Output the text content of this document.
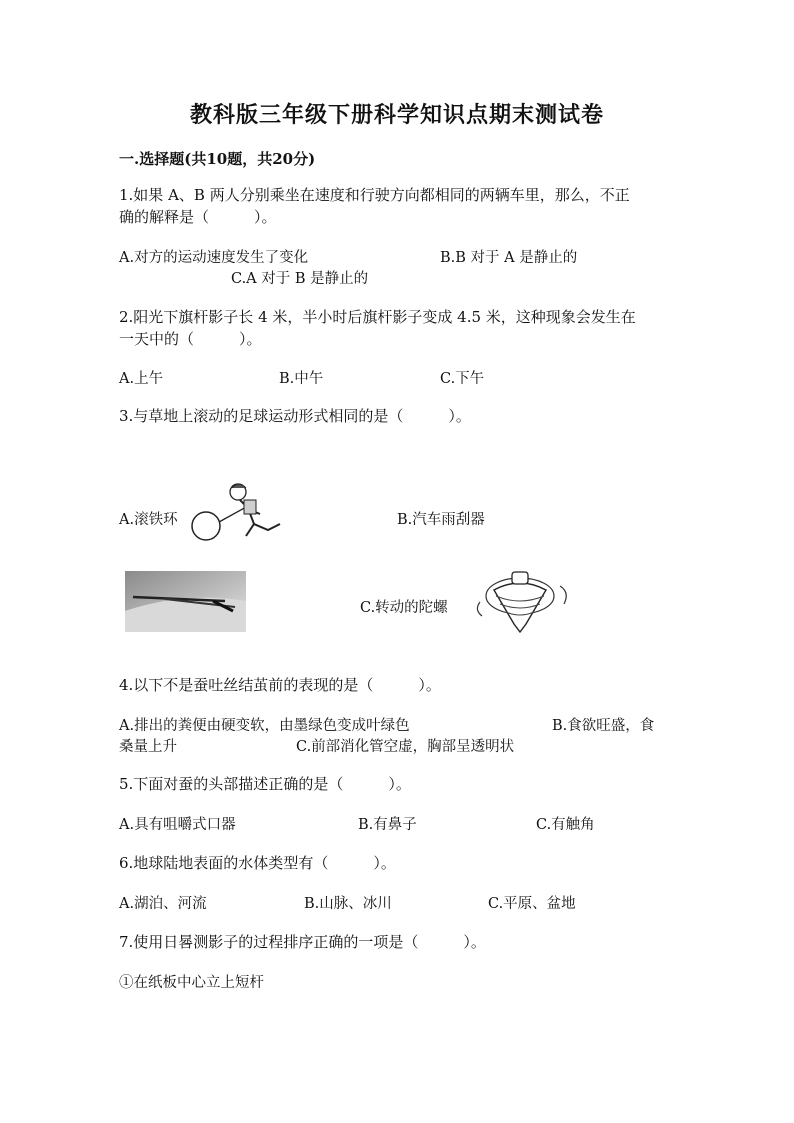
教科版三年级下册科学知识点期末测试卷
一.选择题(共10题，共20分)
1.如果 A、B 两人分别乘坐在速度和行驶方向都相同的两辆车里，那么，不正
确的解释是（　　　）。
A.对方的运动速度发生了变化	B.B 对于 A 是静止的
C.A 对于 B 是静止的
2.阳光下旗杆影子长 4 米，半小时后旗杆影子变成 4.5 米，这种现象会发生在
一天中的（　　　）。
A.上午	B.中午	C.下午
3.与草地上滚动的足球运动形式相同的是（　　　）。
A.滚铁环	B.汽车雨刮器
C.转动的陀螺
4.以下不是蚕吐丝结茧前的表现的是（　　　）。
A.排出的粪便由硬变软，由墨绿色变成叶绿色	B.食欲旺盛，食
桑量上升	C.前部消化管空虚，胸部呈透明状
5.下面对蚕的头部描述正确的是（　　　）。
A.具有咀嚼式口器	B.有鼻子	C.有触角
6.地球陆地表面的水体类型有（　　　）。
A.湖泊、河流	B.山脉、冰川	C.平原、盆地
7.使用日晷测影子的过程排序正确的一项是（　　　）。
①在纸板中心立上短杆
